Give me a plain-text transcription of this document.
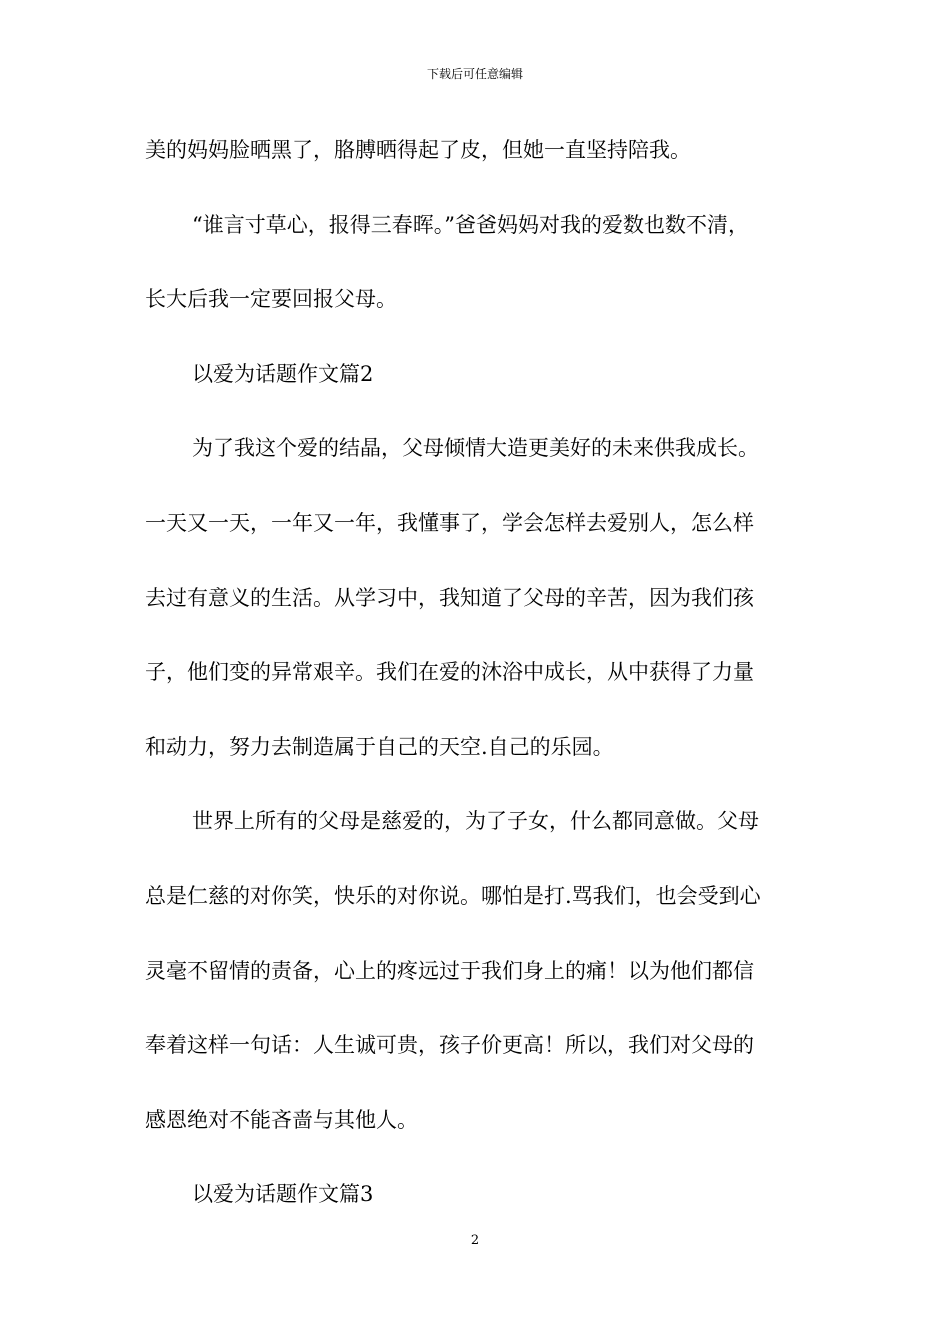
下载后可任意编辑
美的妈妈脸晒黑了，胳膊晒得起了皮，但她一直坚持陪我。
“谁言寸草心，报得三春晖。”爸爸妈妈对我的爱数也数不清，
长大后我一定要回报父母。
以爱为话题作文篇2
为了我这个爱的结晶，父母倾情大造更美好的未来供我成长。
一天又一天，一年又一年，我懂事了，学会怎样去爱别人，怎么样
去过有意义的生活。从学习中，我知道了父母的辛苦，因为我们孩
子，他们变的异常艰辛。我们在爱的沐浴中成长，从中获得了力量
和动力，努力去制造属于自己的天空.自己的乐园。
世界上所有的父母是慈爱的，为了子女，什么都同意做。父母
总是仁慈的对你笑，快乐的对你说。哪怕是打.骂我们，也会受到心
灵毫不留情的责备，心上的疼远过于我们身上的痛！以为他们都信
奉着这样一句话：人生诚可贵，孩子价更高！所以，我们对父母的
感恩绝对不能吝啬与其他人。
以爱为话题作文篇3
2
